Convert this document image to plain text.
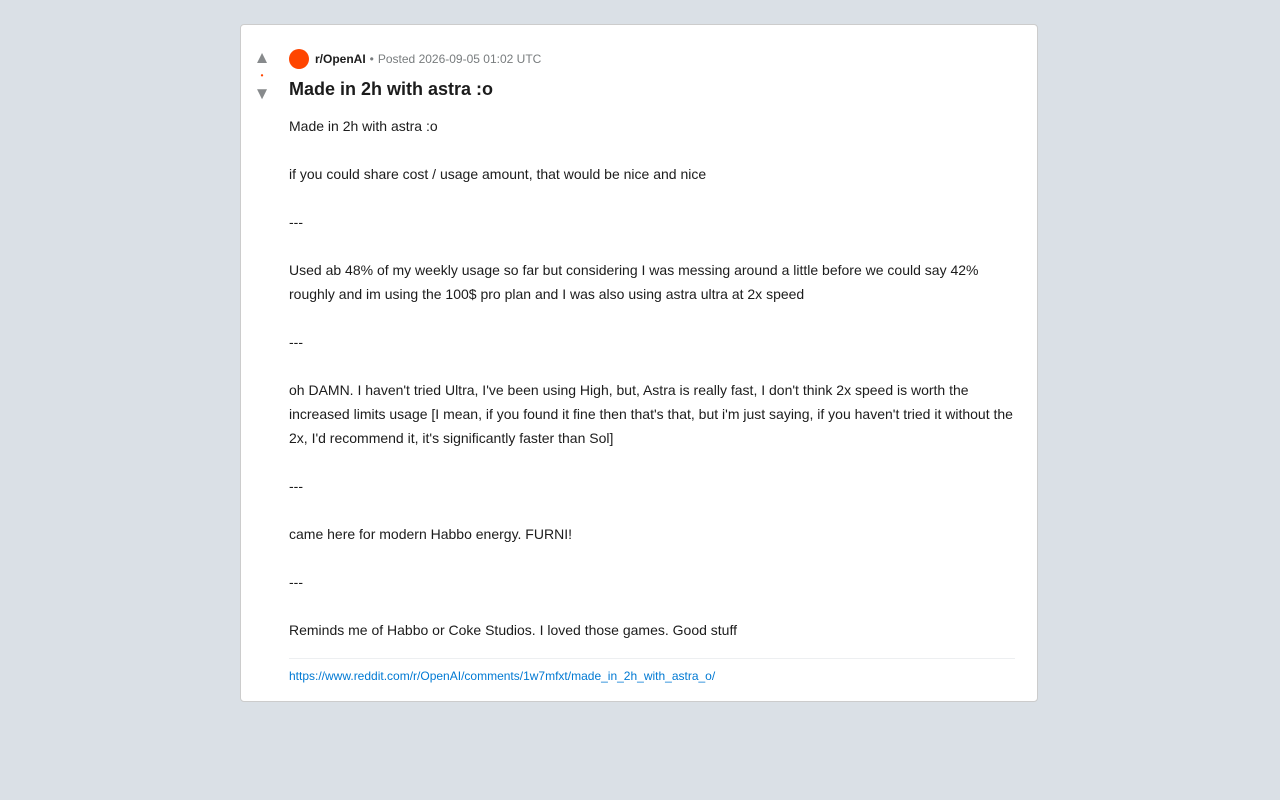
▲
•
▼
r/OpenAI • Posted 2026-09-05 01:02 UTC
Made in 2h with astra :o

Made in 2h with astra :o

if you could share cost / usage amount, that would be nice and nice

---

Used ab 48% of my weekly usage so far but considering I was messing around a little before we could say 42% roughly and im using the 100$ pro plan and I was also using astra ultra at 2x speed

---

oh DAMN. I haven't tried Ultra, I've been using High, but, Astra is really fast, I don't think 2x speed is worth the increased limits usage [I mean, if you found it fine then that's that, but i'm just saying, if you haven't tried it without the 2x, I'd recommend it, it's significantly faster than Sol]

---

came here for modern Habbo energy. FURNI!

---

Reminds me of Habbo or Coke Studios. I loved those games. Good stuff

https://www.reddit.com/r/OpenAI/comments/1w7mfxt/made_in_2h_with_astra_o/
